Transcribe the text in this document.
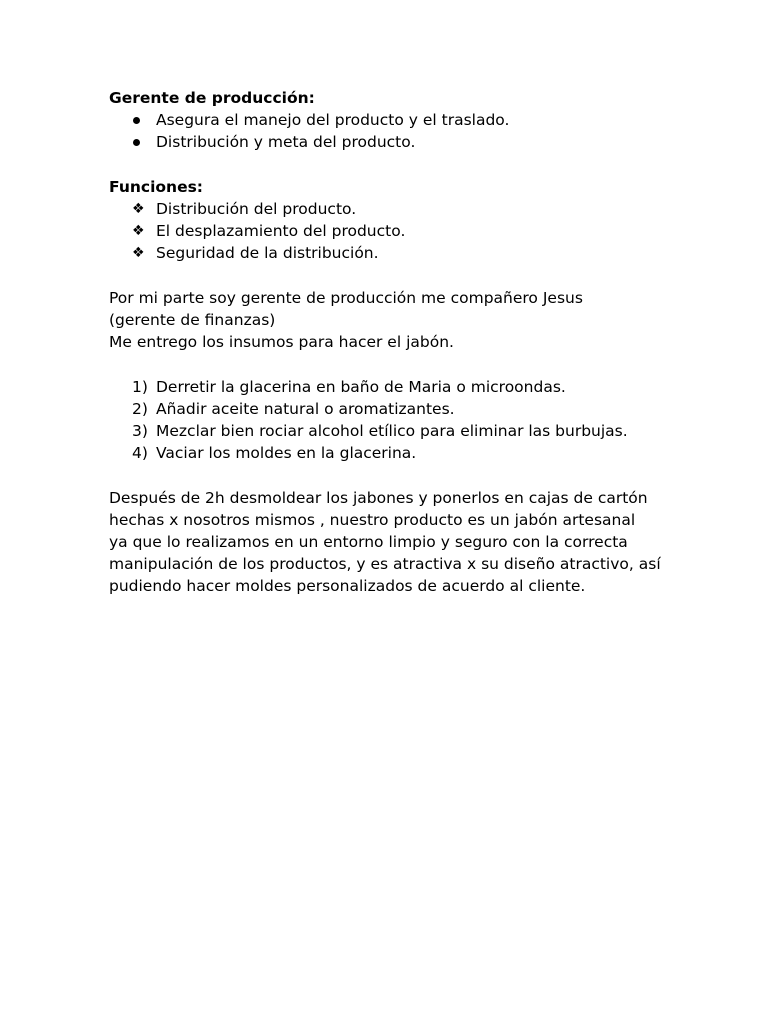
Gerente de producción:

Asegura el manejo del producto y el traslado.
Distribución y meta del producto.

Funciones:

❖ Distribución del producto.
❖ El desplazamiento del producto.
❖ Seguridad de la distribución.
Por mi parte soy gerente de producción me compañero Jesus
(gerente de finanzas)
Me entrego los insumos para hacer el jabón.
1) Derretir la glacerina en baño de Maria o microondas.
2) Añadir aceite natural o aromatizantes.
3) Mezclar bien rociar alcohol etílico para eliminar las burbujas.
4) Vaciar los moldes en la glacerina.
Después de 2h desmoldear los jabones y ponerlos en cajas de cartón
hechas x nosotros mismos , nuestro producto es un jabón artesanal
ya que lo realizamos en un entorno limpio y seguro con la correcta
manipulación de los productos, y es atractiva x su diseño atractivo, así
pudiendo hacer moldes personalizados de acuerdo al cliente.
